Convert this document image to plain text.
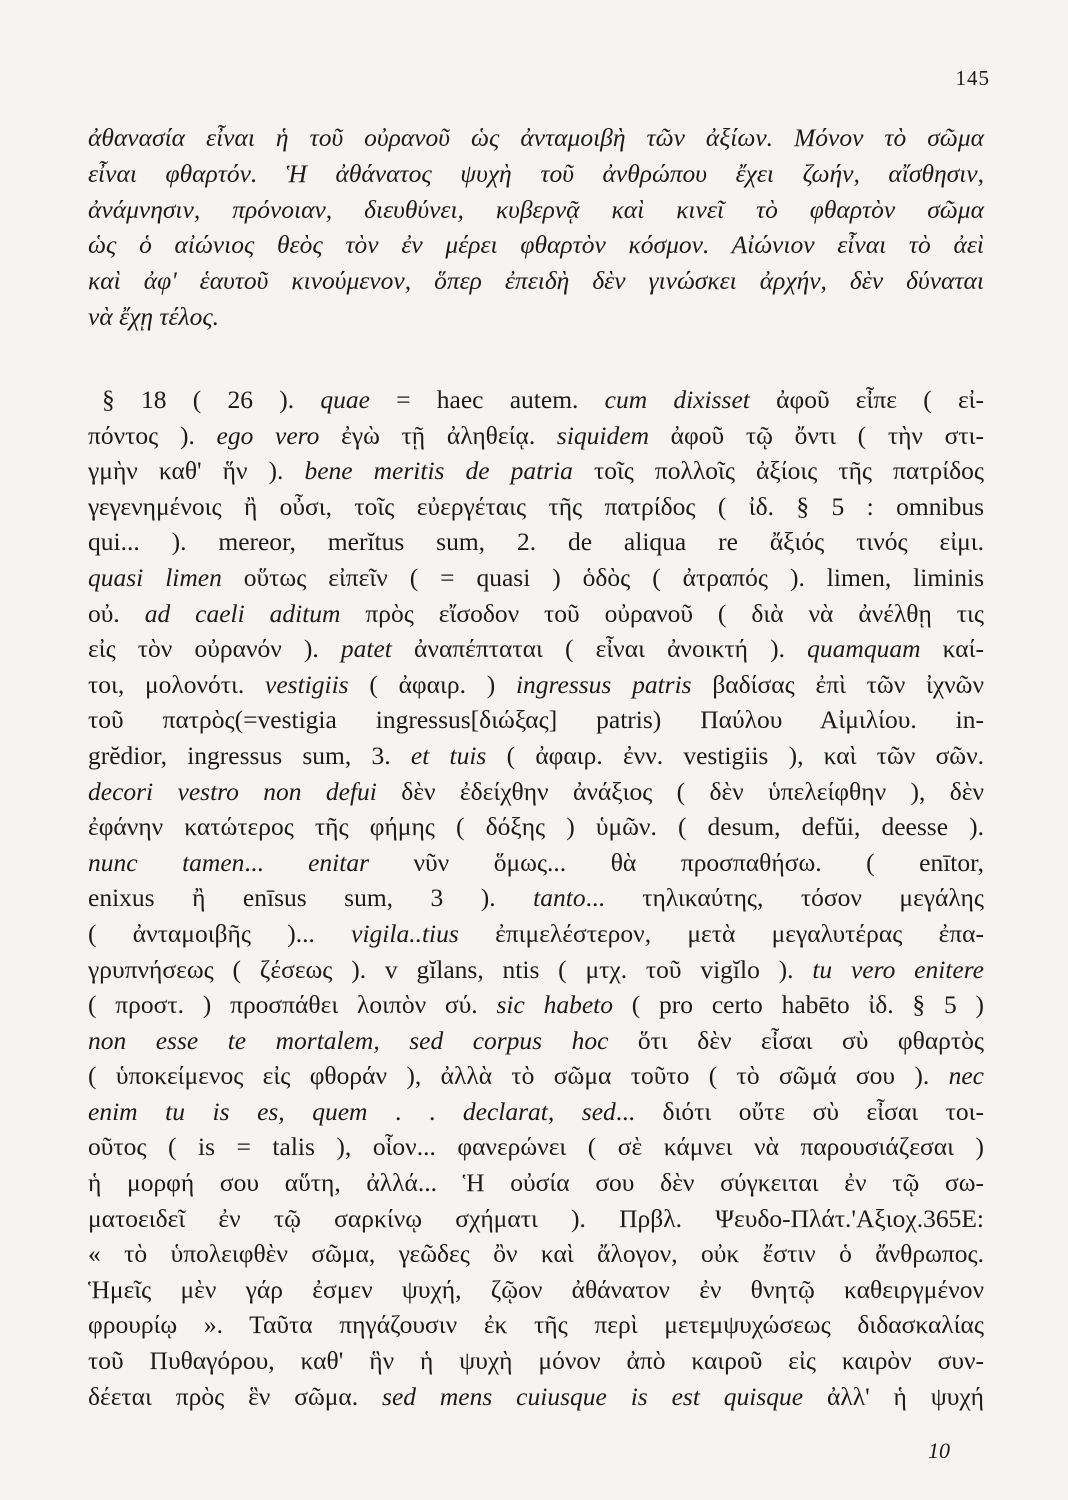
145
ἀθανασία εἶναι ἡ τοῦ οὐρανοῦ ὡς ἀνταμοιβὴ τῶν ἀξίων. Μόνον τὸ σῶμα
εἶναι φθαρτόν. Ἡ ἀθάνατος ψυχὴ τοῦ ἀνθρώπου ἔχει ζωήν, αἴσθησιν,
ἀνάμνησιν, πρόνοιαν, διευθύνει, κυβερνᾷ καὶ κινεῖ τὸ φθαρτὸν σῶμα
ὡς ὁ αἰώνιος θεὸς τὸν ἐν μέρει φθαρτὸν κόσμον. Αἰώνιον εἶναι τὸ ἀεὶ
καὶ ἀφ' ἑαυτοῦ κινούμενον, ὅπερ ἐπειδὴ δὲν γινώσκει ἀρχήν, δὲν δύναται
νὰ ἔχῃ τέλος.
§ 18 ( 26 ). quae = haec autem. cum dixisset ἀφοῦ εἶπε ( εἰ-
πόντος ). ego vero ἐγὼ τῇ ἀληθείᾳ. siquidem ἀφοῦ τῷ ὄντι ( τὴν στι-
γμὴν καθ' ἥν ). bene meritis de patria τοῖς πολλοῖς ἀξίοις τῆς πατρίδος
γεγενημένοις ἢ οὖσι, τοῖς εὐεργέταις τῆς πατρίδος ( ἰδ. § 5 : omnibus
qui... ). mereor, merĭtus sum, 2. de aliqua re ἄξιός τινός εἰμι.
quasi limen οὕτως εἰπεῖν ( = quasi ) ὁδὸς ( ἀτραπός ). limen, liminis
οὐ. ad caeli aditum πρὸς εἴσοδον τοῦ οὐρανοῦ ( διὰ νὰ ἀνέλθῃ τις
εἰς τὸν οὐρανόν ). patet ἀναπέπταται ( εἶναι ἀνοικτή ). quamquam καί-
τοι, μολονότι. vestigiis ( ἀφαιρ. ) ingressus patris βαδίσας ἐπὶ τῶν ἰχνῶν
τοῦ πατρὸς(=vestigia ingressus[διώξας] patris) Παύλου Αἰμιλίου. in-
grĕdior, ingressus sum, 3. et tuis ( ἀφαιρ. ἐνν. vestigiis ), καὶ τῶν σῶν.
decori vestro non defui δὲν ἐδείχθην ἀνάξιος ( δὲν ὑπελείφθην ), δὲν
ἐφάνην κατώτερος τῆς φήμης ( δόξης ) ὑμῶν. ( desum, defŭi, deesse ).
nunc tamen... enitar νῦν ὅμως... θὰ προσπαθήσω. ( enītor,
enixus ἢ enīsus sum, 3 ). tanto... τηλικαύτης, τόσον μεγάλης
( ἀνταμοιβῆς )... vigila..tius ἐπιμελέστερον, μετὰ μεγαλυτέρας ἐπα-
γρυπνήσεως ( ζέσεως ). v gĭlans, ntis ( μτχ. τοῦ vigĭlo ). tu vero enitere
( προστ. ) προσπάθει λοιπὸν σύ. sic habeto ( pro certo habēto ἰδ. § 5 )
non esse te mortalem, sed corpus hoc ὅτι δὲν εἶσαι σὺ φθαρτὸς
( ὑποκείμενος εἰς φθοράν ), ἀλλὰ τὸ σῶμα τοῦτο ( τὸ σῶμά σου ). nec
enim tu is es, quem . . declarat, sed... διότι οὔτε σὺ εἶσαι τοι-
οῦτος ( is = talis ), οἷον... φανερώνει ( σὲ κάμνει νὰ παρουσιάζεσαι )
ἡ μορφή σου αὕτη, ἀλλά... Ἡ οὐσία σου δὲν σύγκειται ἐν τῷ σω-
ματοειδεῖ ἐν τῷ σαρκίνῳ σχήματι ). Πρβλ. Ψευδο-Πλάτ.'Αξιοχ.365E:
« τὸ ὑπολειφθὲν σῶμα, γεῶδες ὂν καὶ ἄλογον, οὐκ ἔστιν ὁ ἄνθρωπος.
Ἡμεῖς μὲν γάρ ἐσμεν ψυχή, ζῷον ἀθάνατον ἐν θνητῷ καθειργμένον
φρουρίῳ ». Ταῦτα πηγάζουσιν ἐκ τῆς περὶ μετεμψυχώσεως διδασκαλίας
τοῦ Πυθαγόρου, καθ' ἣν ἡ ψυχὴ μόνον ἀπὸ καιροῦ εἰς καιρὸν συν-
δέεται πρὸς ἓν σῶμα. sed mens cuiusque is est quisque ἀλλ' ἡ ψυχή
10
